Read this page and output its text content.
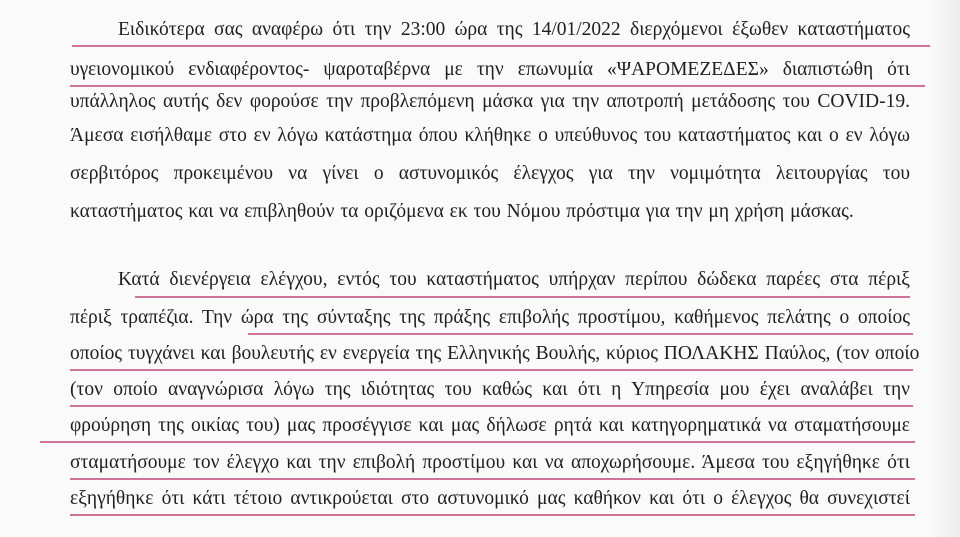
Ειδικότερα σας αναφέρω ότι την 23:00 ώρα της 14/01/2022 διερχόμενοι έξωθεν καταστήματος
υγειονομικού ενδιαφέροντος- ψαροταβέρνα με την επωνυμία «ΨΑΡΟΜΕΖΕΔΕΣ» διαπιστώθη ότι
υπάλληλος αυτής δεν φορούσε την προβλεπόμενη μάσκα για την αποτροπή μετάδοσης του COVID-19.
Άμεσα εισήλθαμε στο εν λόγω κατάστημα όπου κλήθηκε ο υπεύθυνος του καταστήματος και ο εν λόγω
σερβιτόρος προκειμένου να γίνει ο αστυνομικός έλεγχος για την νομιμότητα λειτουργίας του
καταστήματος και να επιβληθούν τα οριζόμενα εκ του Νόμου πρόστιμα για την μη χρήση μάσκας.
Κατά διενέργεια ελέγχου, εντός του καταστήματος υπήρχαν περίπου δώδεκα παρέες στα πέριξ
πέριξ τραπέζια. Την ώρα της σύνταξης της πράξης επιβολής προστίμου, καθήμενος πελάτης ο οποίος
οποίος τυγχάνει και βουλευτής εν ενεργεία της Ελληνικής Βουλής, κύριος ΠΟΛΑΚΗΣ Παύλος, (τον οποίο
(τον οποίο αναγνώρισα λόγω της ιδιότητας του καθώς και ότι η Υπηρεσία μου έχει αναλάβει την
φρούρηση της οικίας του) μας προσέγγισε και μας δήλωσε ρητά και κατηγορηματικά να σταματήσουμε
σταματήσουμε τον έλεγχο και την επιβολή προστίμου και να αποχωρήσουμε. Άμεσα του εξηγήθηκε ότι
εξηγήθηκε ότι κάτι τέτοιο αντικρούεται στο αστυνομικό μας καθήκον και ότι ο έλεγχος θα συνεχιστεί
